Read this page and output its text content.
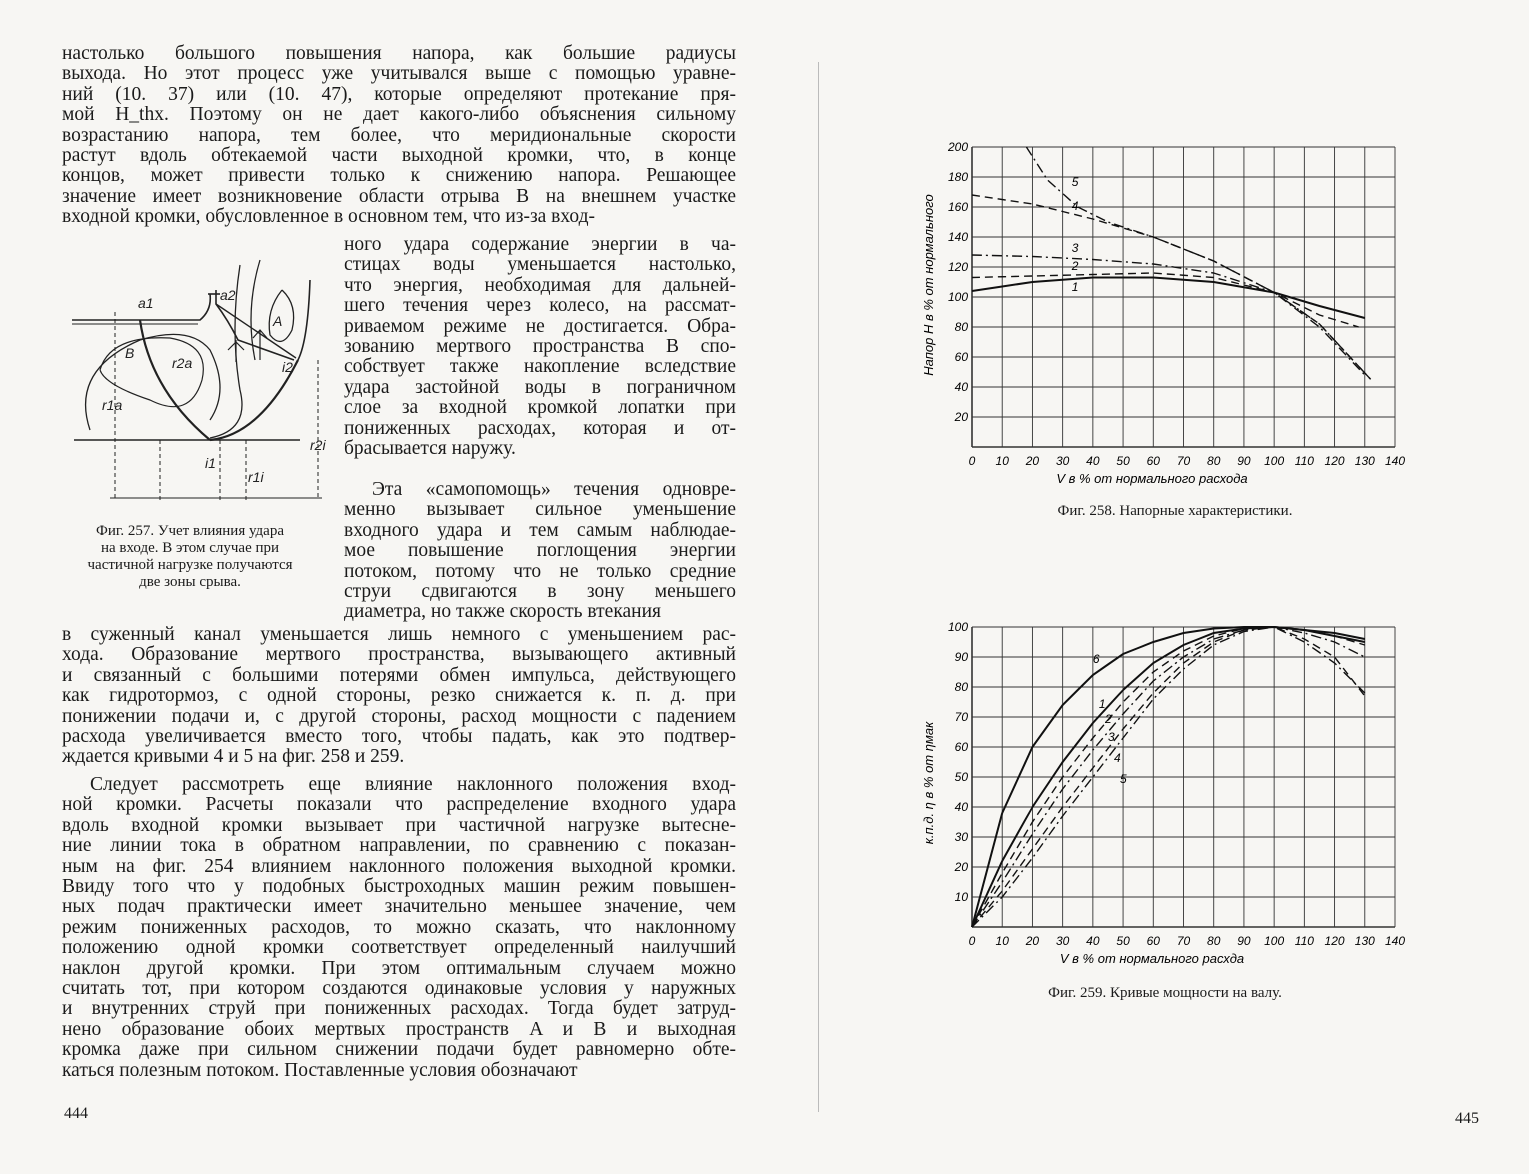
настолько большого повышения напора, как большие радиусы
выхода. Но этот процесс уже учитывался выше с помощью уравне-
ний (10. 37) или (10. 47), которые определяют протекание пря-
мой H_thx. Поэтому он не дает какого-либо объяснения сильному
возрастанию напора, тем более, что меридиональные скорости
растут вдоль обтекаемой части выходной кромки, что, в конце
концов, может привести только к снижению напора. Решающее
значение имеет возникновение области отрыва B на внешнем участке
входной кромки, обусловленное в основном тем, что из-за вход-
ного удара содержание энергии в ча-
стицах воды уменьшается настолько,
что энергия, необходимая для дальней-
шего течения через колесо, на рассмат-
риваемом режиме не достигается. Обра-
зованию мертвого пространства B спо-
собствует также накопление вследствие
удара застойной воды в пограничном
слое за входной кромкой лопатки при
пониженных расходах, которая и от-
брасывается наружу.
Эта «самопомощь» течения одновре-
менно вызывает сильное уменьшение
входного удара и тем самым наблюдае-
мое повышение поглощения энергии
потоком, потому что не только средние
струи сдвигаются в зону меньшего
диаметра, но также скорость втекания
в суженный канал уменьшается лишь немного с уменьшением рас-
хода. Образование мертвого пространства, вызывающего активный
и связанный с большими потерями обмен импульса, действующего
как гидротормоз, с одной стороны, резко снижается к. п. д. при
понижении подачи и, с другой стороны, расход мощности с падением
расхода увеличивается вместо того, чтобы падать, как это подтвер-
ждается кривыми 4 и 5 на фиг. 258 и 259.
Следует рассмотреть еще влияние наклонного положения вход-
ной кромки. Расчеты показали что распределение входного удара
вдоль входной кромки вызывает при частичной нагрузке вытесне-
ние линии тока в обратном направлении, по сравнению с показан-
ным на фиг. 254 влиянием наклонного положения выходной кромки.
Ввиду того что у подобных быстроходных машин режим повышен-
ных подач практически имеет значительно меньшее значение, чем
режим пониженных расходов, то можно сказать, что наклонному
положению одной кромки соответствует определенный наилучший
наклон другой кромки. При этом оптимальным случаем можно
считать тот, при котором создаются одинаковые условия у наружных
и внутренних струй при пониженных расходах. Тогда будет затруд-
нено образование обоих мертвых пространств A и B и выходная
кромка даже при сильном снижении подачи будет равномерно обте-
каться полезным потоком. Поставленные условия обозначают
a1	a2
A
B
r2a
r1a
i1
i2
r2i
r1i
Фиг. 257. Учет влияния удара
на входе. В этом случае при
частичной нагрузке получаются
две зоны срыва.
444
1
2
3
4
5
0 10 20 30 40 50 60 70 80 90 100 110 120 130 140
20
40
60
80
100
120
140
160
180
200
V в % от нормального расхода
Напор H в % от нормального
Фиг. 258. Напорные характеристики.
6
1
2
3
4
5
0 10 20 30 40 50 60 70 80 90 100 110 120 130 140
10
20
30
40
50
60
70
80
90
100
V в % от нормального расхда
к.п.д. η в % от ηмак
Фиг. 259. Кривые мощности на валу.
445
